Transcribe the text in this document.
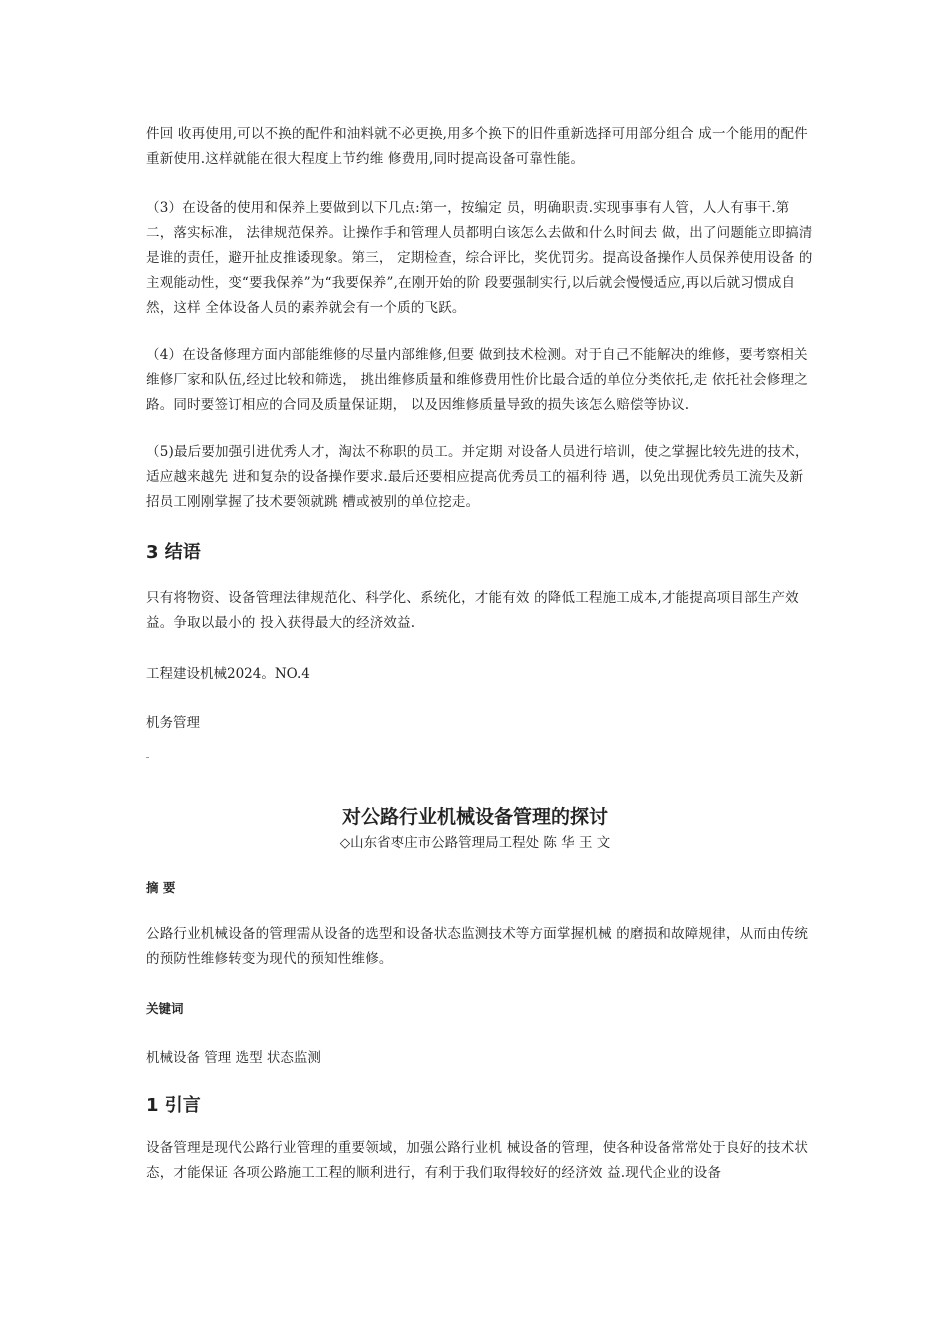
件回 收再使用,可以不换的配件和油料就不必更换,用多个换下的旧件重新选择可用部分组合 成一个能用的配件重新使用.这样就能在很大程度上节约维 修费用,同时提高设备可靠性能。

（3）在设备的使用和保养上要做到以下几点:第一，按编定 员，明确职责.实现事事有人管，人人有事干.第二，落实标准， 法律规范保养。让操作手和管理人员都明白该怎么去做和什么时间去 做，出了问题能立即搞清是谁的责任，避开扯皮推诿现象。第三， 定期检查，综合评比，奖优罚劣。提高设备操作人员保养使用设备 的主观能动性，变“要我保养”为“我要保养”,在刚开始的阶 段要强制实行,以后就会慢慢适应,再以后就习惯成自然，这样 全体设备人员的素养就会有一个质的飞跃。

（4）在设备修理方面内部能维修的尽量内部维修,但要 做到技术检测。对于自己不能解决的维修，要考察相关维修厂家和队伍,经过比较和筛选， 挑出维修质量和维修费用性价比最合适的单位分类依托,走 依托社会修理之路。同时要签订相应的合同及质量保证期， 以及因维修质量导致的损失该怎么赔偿等协议.

（5)最后要加强引进优秀人才，淘汰不称职的员工。并定期 对设备人员进行培训，使之掌握比较先进的技术，适应越来越先 进和复杂的设备操作要求.最后还要相应提高优秀员工的福利待 遇，以免出现优秀员工流失及新招员工刚刚掌握了技术要领就跳 槽或被别的单位挖走。

3 结语

只有将物资、设备管理法律规范化、科学化、系统化，才能有效 的降低工程施工成本,才能提高项目部生产效益。争取以最小的 投入获得最大的经济效益.

工程建设机械2024。NO.4
机务管理
对公路行业机械设备管理的探讨
◇山东省枣庄市公路管理局工程处 陈 华 王 文
摘 要

公路行业机械设备的管理需从设备的选型和设备状态监测技术等方面掌握机械 的磨损和故障规律，从而由传统的预防性维修转变为现代的预知性维修。

关键词
机械设备 管理 选型 状态监测
1 引言

设备管理是现代公路行业管理的重要领域，加强公路行业机 械设备的管理，使各种设备常常处于良好的技术状态，才能保证 各项公路施工工程的顺利进行，有利于我们取得较好的经济效 益.现代企业的设备
